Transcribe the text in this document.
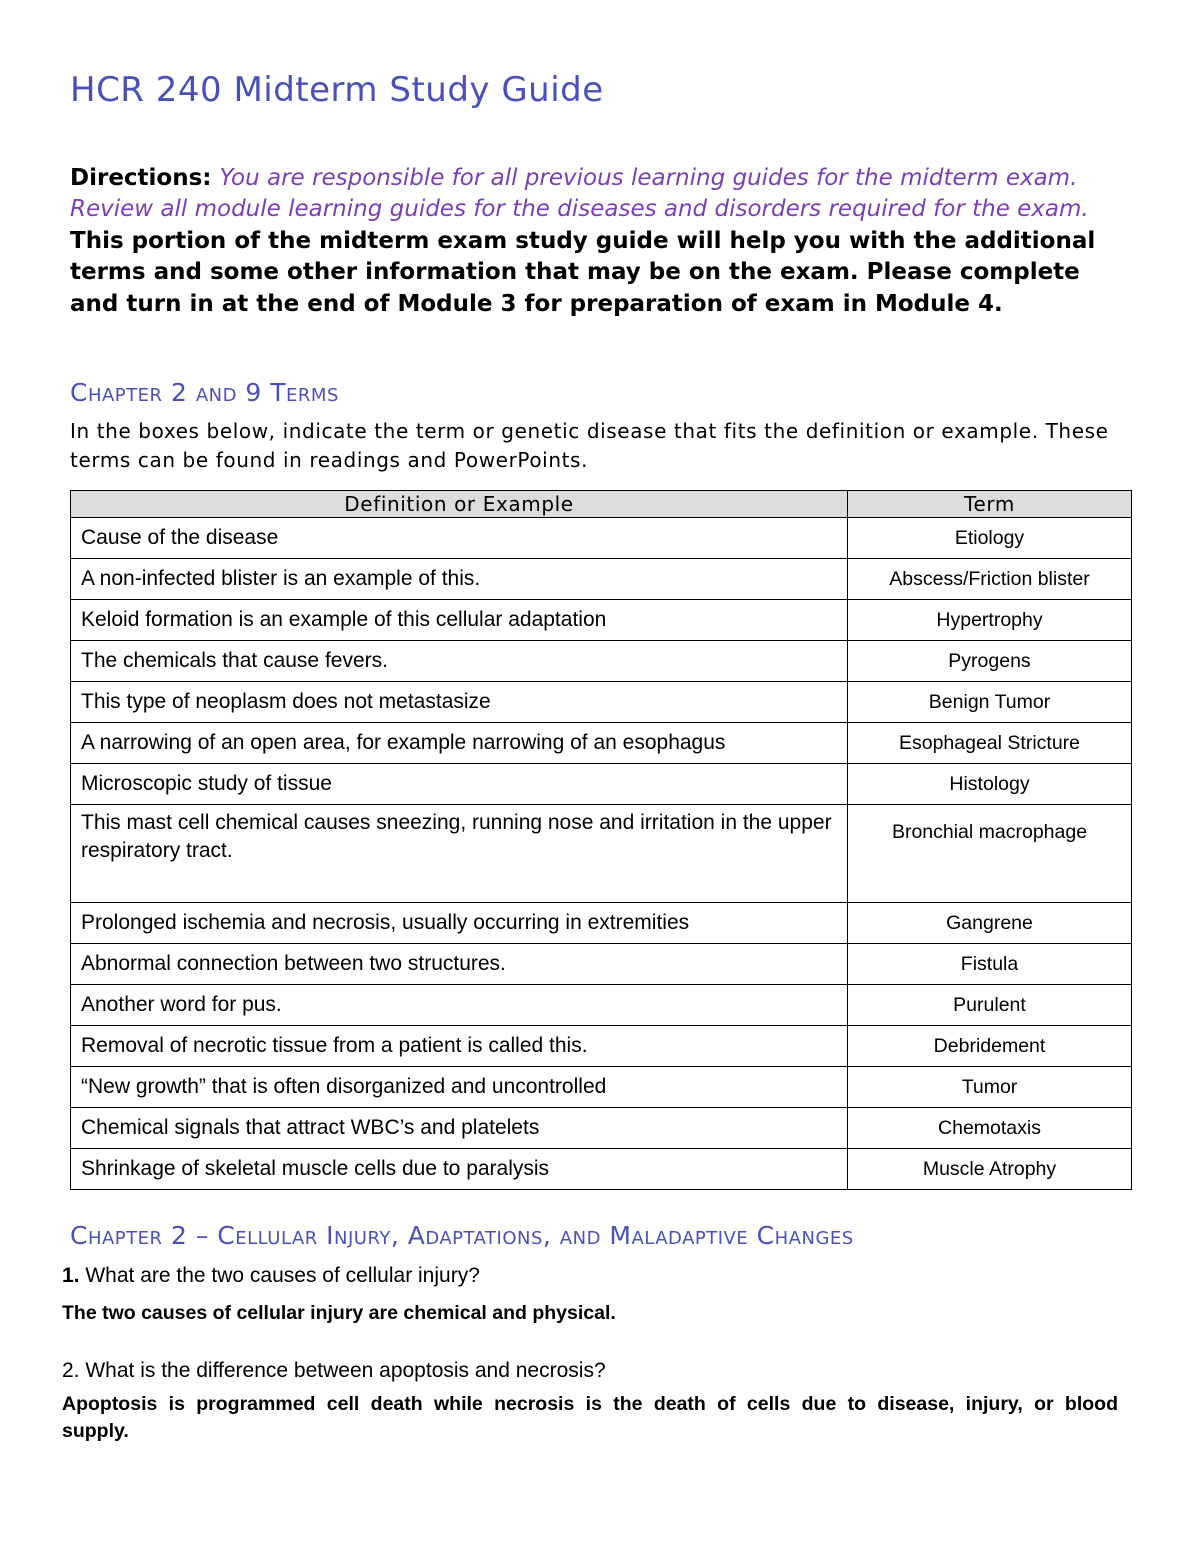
HCR 240 Midterm Study Guide

Directions: You are responsible for all previous learning guides for the midterm exam. Review all module learning guides for the diseases and disorders required for the exam. This portion of the midterm exam study guide will help you with the additional terms and some other information that may be on the exam. Please complete and turn in at the end of Module 3 for preparation of exam in Module 4.

Chapter 2 and 9 Terms

In the boxes below, indicate the term or genetic disease that fits the definition or example. These terms can be found in readings and PowerPoints.

Definition or Example	Term
Cause of the disease	Etiology
A non-infected blister is an example of this.	Abscess/Friction blister
Keloid formation is an example of this cellular adaptation	Hypertrophy
The chemicals that cause fevers.	Pyrogens
This type of neoplasm does not metastasize	Benign Tumor
A narrowing of an open area, for example narrowing of an esophagus	Esophageal Stricture
Microscopic study of tissue	Histology
This mast cell chemical causes sneezing, running nose and irritation in the upper respiratory tract.	Bronchial macrophage
Prolonged ischemia and necrosis, usually occurring in extremities	Gangrene
Abnormal connection between two structures.	Fistula
Another word for pus.	Purulent
Removal of necrotic tissue from a patient is called this.	Debridement
“New growth” that is often disorganized and uncontrolled	Tumor
Chemical signals that attract WBC’s and platelets	Chemotaxis
Shrinkage of skeletal muscle cells due to paralysis	Muscle Atrophy
Chapter 2 – Cellular Injury, Adaptations, and Maladaptive Changes

1. What are the two causes of cellular injury?

The two causes of cellular injury are chemical and physical.

2. What is the difference between apoptosis and necrosis?

Apoptosis is programmed cell death while necrosis is the death of cells due to disease, injury, or blood supply.
